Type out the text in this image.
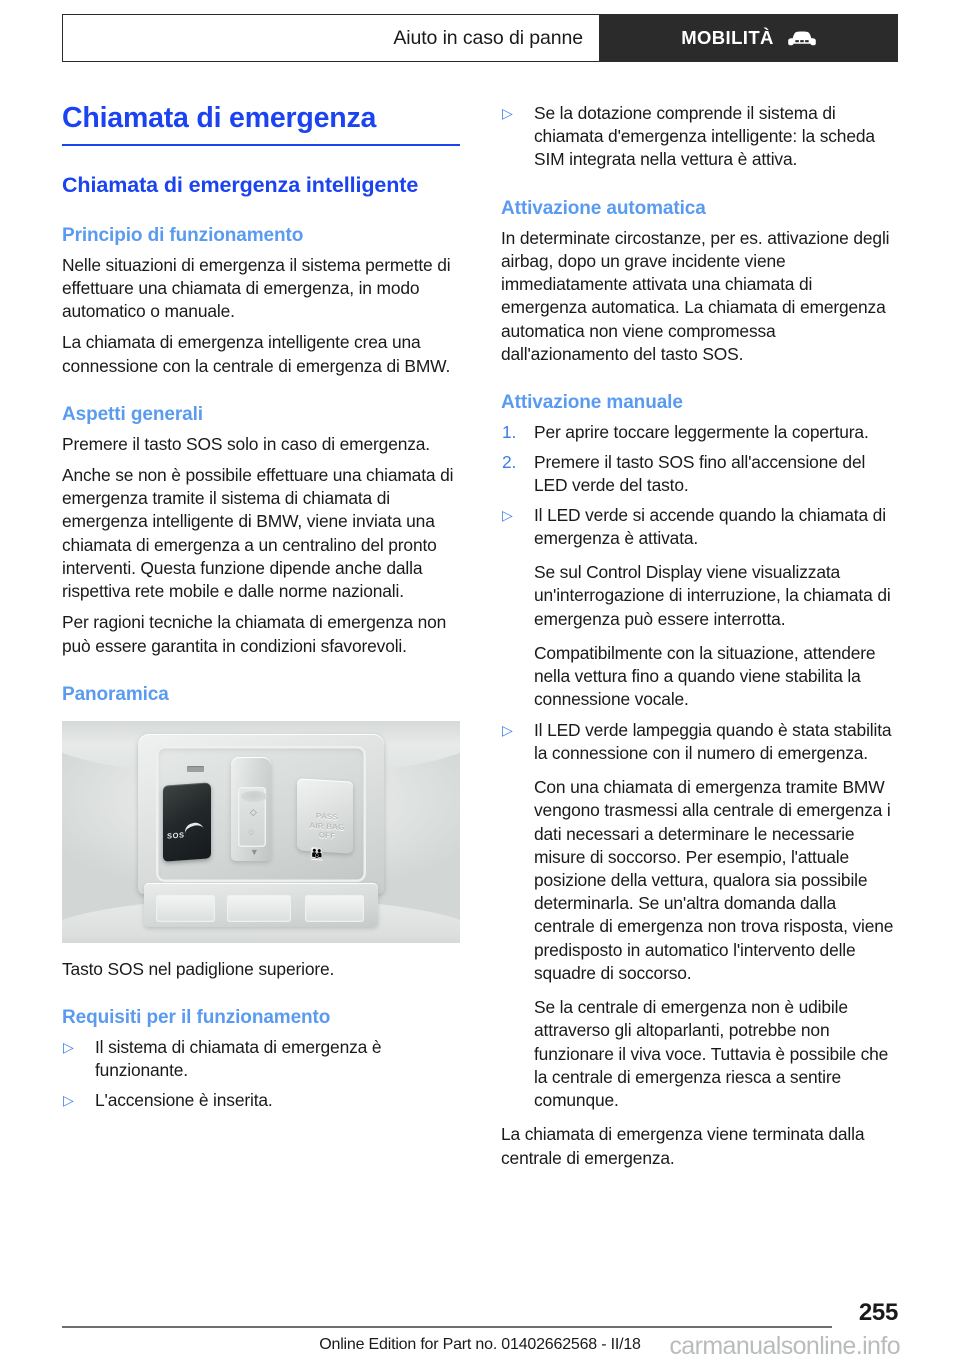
Aiuto in caso di panne	MOBILITÀ
Chiamata di emergenza
Chiamata di emergenza intelligente
Principio di funzionamento

Nelle situazioni di emergenza il sistema permette di effettuare una chiamata di emergenza, in modo automatico o manuale.

La chiamata di emergenza intelligente crea una connessione con la centrale di emergenza di BMW.

Aspetti generali

Premere il tasto SOS solo in caso di emergenza.

Anche se non è possibile effettuare una chiamata di emergenza tramite il sistema di chiamata di emergenza intelligente di BMW, viene inviata una chiamata di emergenza a un centralino del pronto interventi. Questa funzione dipende anche dalla rispettiva rete mobile e dalle norme nazionali.

Per ragioni tecniche la chiamata di emergenza non può essere garantita in condizioni sfavorevoli.

Panoramica
SOS
◇
◌
▼
PASS
AIR BAG
OFF
👪

Tasto SOS nel padiglione superiore.

Requisiti per il funzionamento
▷ Il sistema di chiamata di emergenza è funzionante.
▷ L'accensione è inserita.
▷ Se la dotazione comprende il sistema di chiamata d'emergenza intelligente: la scheda SIM integrata nella vettura è attiva.
Attivazione automatica

In determinate circostanze, per es. attivazione degli airbag, dopo un grave incidente viene immediatamente attivata una chiamata di emergenza automatica. La chiamata di emergenza automatica non viene compromessa dall'azionamento del tasto SOS.

Attivazione manuale
1. Per aprire toccare leggermente la copertura.
2. Premere il tasto SOS fino all'accensione del LED verde del tasto.
▷ Il LED verde si accende quando la chiamata di emergenza è attivata.
Se sul Control Display viene visualizzata un'interrogazione di interruzione, la chiamata di emergenza può essere interrotta.
Compatibilmente con la situazione, attendere nella vettura fino a quando viene stabilita la connessione vocale.
▷ Il LED verde lampeggia quando è stata stabilita la connessione con il numero di emergenza.
Con una chiamata di emergenza tramite BMW vengono trasmessi alla centrale di emergenza i dati necessari a determinare le necessarie misure di soccorso. Per esempio, l'attuale posizione della vettura, qualora sia possibile determinarla. Se un'altra domanda dalla centrale di emergenza non trova risposta, viene predisposto in automatico l'intervento delle squadre di soccorso.
Se la centrale di emergenza non è udibile attraverso gli altoparlanti, potrebbe non funzionare il viva voce. Tuttavia è possibile che la centrale di emergenza riesca a sentire comunque.

La chiamata di emergenza viene terminata dalla centrale di emergenza.

255
Online Edition for Part no. 01402662568 - II/18	carmanualsonline.info
